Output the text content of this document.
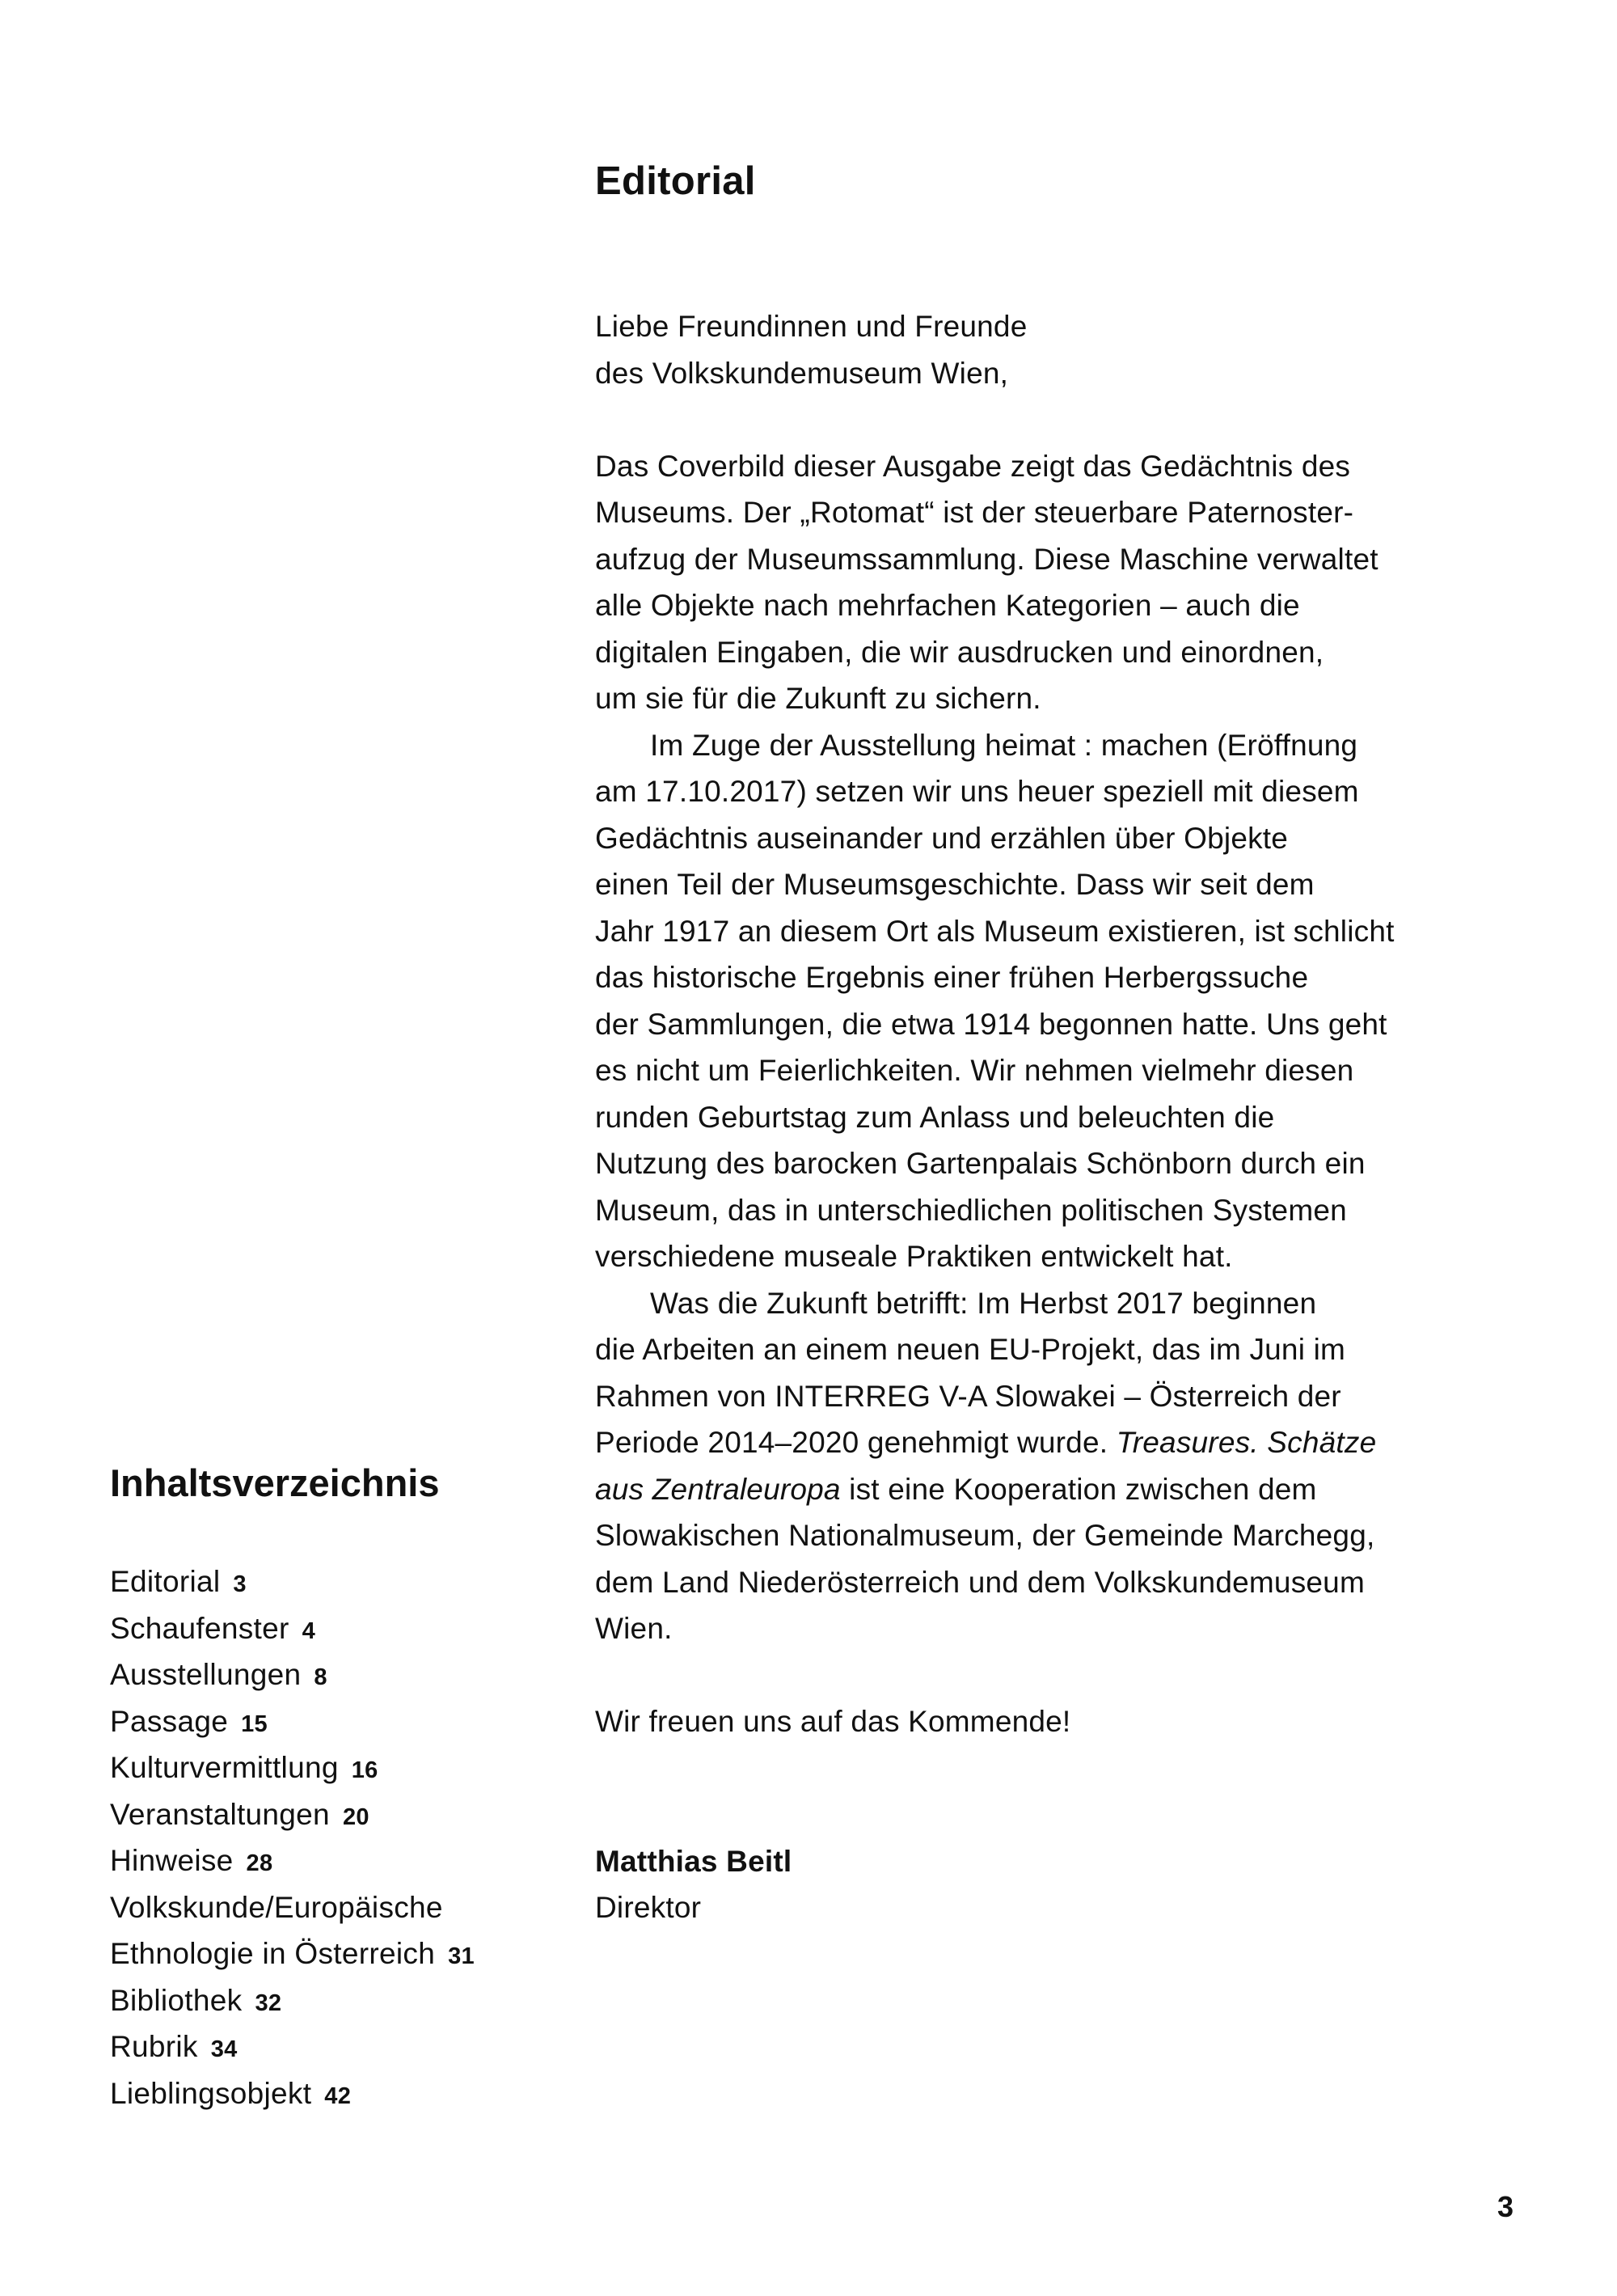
Editorial
Liebe Freundinnen und Freunde
des Volkskundemuseum Wien,
Das Coverbild dieser Ausgabe zeigt das Gedächtnis des
Museums. Der „Rotomat“ ist der steuerbare Paternoster-
aufzug der Museumssammlung. Diese Maschine verwaltet
alle Objekte nach mehrfachen Kategorien – auch die
digitalen Eingaben, die wir ausdrucken und einordnen,
um sie für die Zukunft zu sichern.
Im Zuge der Ausstellung heimat : machen (Eröffnung
am 17.10.2017) setzen wir uns heuer speziell mit diesem
Gedächtnis auseinander und erzählen über Objekte
einen Teil der Museumsgeschichte. Dass wir seit dem
Jahr 1917 an diesem Ort als Museum existieren, ist schlicht
das historische Ergebnis einer frühen Herbergssuche
der Sammlungen, die etwa 1914 begonnen hatte. Uns geht
es nicht um Feierlichkeiten. Wir nehmen vielmehr diesen
runden Geburtstag zum Anlass und beleuchten die
Nutzung des barocken Gartenpalais Schönborn durch ein
Museum, das in unterschiedlichen politischen Systemen
verschiedene museale Praktiken entwickelt hat.
Was die Zukunft betrifft: Im Herbst 2017 beginnen
die Arbeiten an einem neuen EU-Projekt, das im Juni im
Rahmen von INTERREG V-A Slowakei – Österreich der
Periode 2014–2020 genehmigt wurde. Treasures. Schätze
aus Zentraleuropa ist eine Kooperation zwischen dem
Slowakischen Nationalmuseum, der Gemeinde Marchegg,
dem Land Niederösterreich und dem Volkskundemuseum
Wien.
Wir freuen uns auf das Kommende!
Matthias Beitl
Direktor
Inhaltsverzeichnis
Editorial 3
Schaufenster 4
Ausstellungen 8
Passage 15
Kulturvermittlung 16
Veranstaltungen 20
Hinweise 28
Volkskunde/Europäische
Ethnologie in Österreich 31
Bibliothek 32
Rubrik 34
Lieblingsobjekt 42
3
